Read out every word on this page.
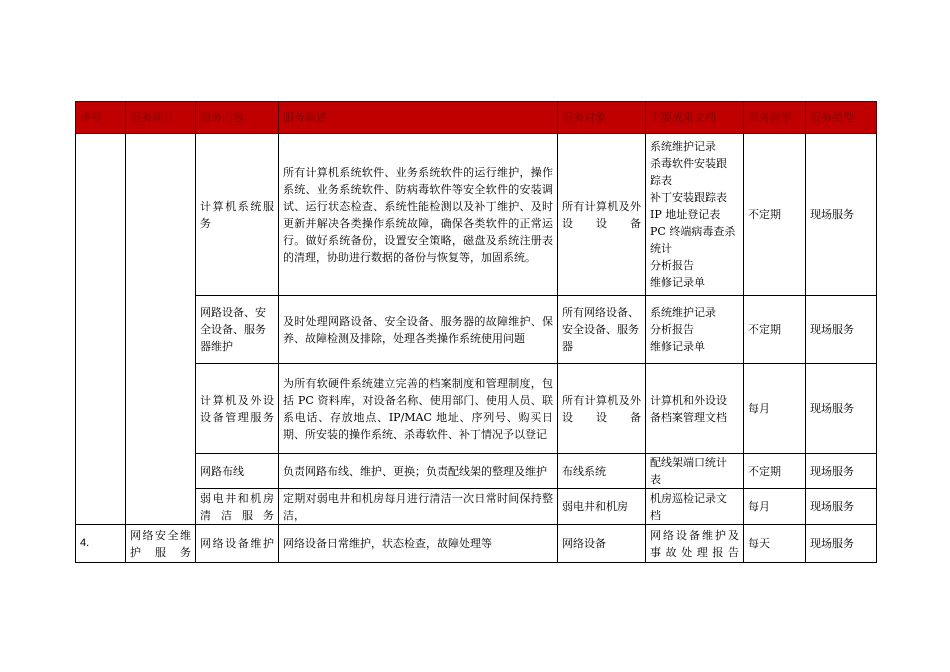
序号	服务项目	服务内容	服务简述	服务对象	主要成果文档	服务频率	服务类型
		计算机系统服务	所有计算机系统软件、业务系统软件的运行维护，操作系统、业务系统软件、防病毒软件等安全软件的安装调试、运行状态检查、系统性能检测以及补丁维护、及时更新并解决各类操作系统故障，确保各类软件的正常运行。做好系统备份，设置安全策略，磁盘及系统注册表的清理，协助进行数据的备份与恢复等，加固系统。	所有计算机及外设设备	
系统维护记录
杀毒软件安装跟
踪表
补丁安装跟踪表
IP 地址登记表
PC 终端病毒查杀
统计
分析报告
维修记录单
	不定期	现场服务
		网路设备、安全设备、服务器维护	及时处理网路设备、安全设备、服务器的故障维护、保养、故障检测及排除，处理各类操作系统使用问题	所有网络设备、安全设备、服务器	系统维护记录
分析报告
维修记录单	不定期	现场服务
		计算机及外设设备管理服务	为所有软硬件系统建立完善的档案制度和管理制度，包括 PC 资料库，对设备名称、使用部门、使用人员、联系电话、存放地点、IP/MAC 地址、序列号、购买日期、所安装的操作系统、杀毒软件、补丁情况予以登记	所有计算机及外设设备	计算机和外设设
备档案管理文档	每月	现场服务
		网路布线	负责网路布线、维护、更换；负责配线架的整理及维护	布线系统	配线架端口统计
表	不定期	现场服务
		弱电井和机房清洁服务	定期对弱电井和机房每月进行清洁一次日常时间保持整洁，	弱电井和机房	机房巡检记录文
档	每月	现场服务
4.	网络安全维护服务	网络设备维护	网络设备日常维护，状态检查，故障处理等	网络设备	网络设备维护及
事故处理报告	每天	现场服务
